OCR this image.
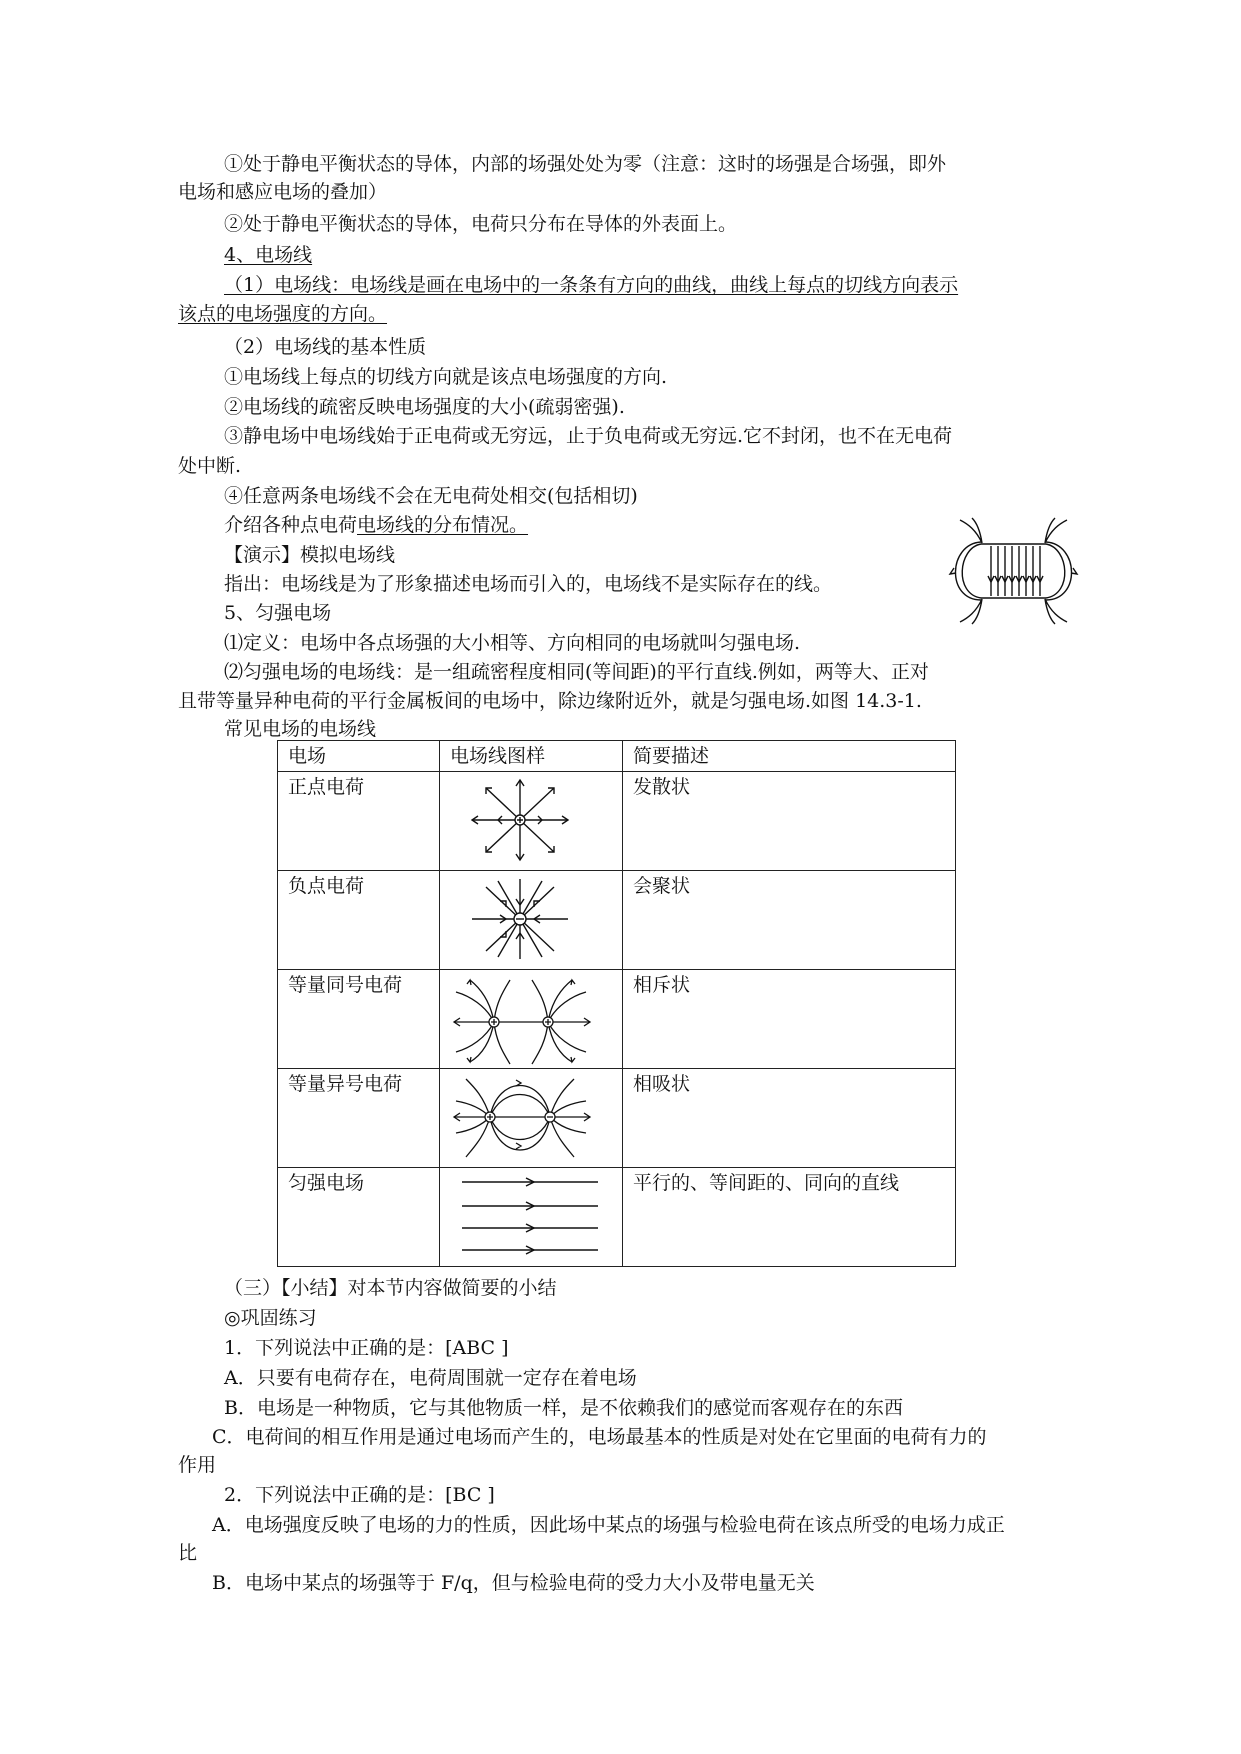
①处于静电平衡状态的导体，内部的场强处处为零（注意：这时的场强是合场强，即外
电场和感应电场的叠加）
②处于静电平衡状态的导体，电荷只分布在导体的外表面上。
4、电场线
（1）电场线：电场线是画在电场中的一条条有方向的曲线，曲线上每点的切线方向表示
该点的电场强度的方向。
（2）电场线的基本性质
①电场线上每点的切线方向就是该点电场强度的方向.
②电场线的疏密反映电场强度的大小(疏弱密强).
③静电场中电场线始于正电荷或无穷远，止于负电荷或无穷远.它不封闭，也不在无电荷
处中断.
④任意两条电场线不会在无电荷处相交(包括相切)
介绍各种点电荷电场线的分布情况。
【演示】模拟电场线
指出：电场线是为了形象描述电场而引入的，电场线不是实际存在的线。
5、匀强电场
⑴定义：电场中各点场强的大小相等、方向相同的电场就叫匀强电场.
⑵匀强电场的电场线：是一组疏密程度相同(等间距)的平行直线.例如，两等大、正对
且带等量异种电荷的平行金属板间的电场中，除边缘附近外，就是匀强电场.如图 14.3-1.
常见电场的电场线
电场	电场线图样	简要描述
正点电荷		发散状
负点电荷		会聚状
等量同号电荷		相斥状
等量异号电荷		相吸状
匀强电场		平行的、等间距的、同向的直线
（三）【小结】对本节内容做简要的小结
◎巩固练习
1．下列说法中正确的是：[ABC ]
A．只要有电荷存在，电荷周围就一定存在着电场
B．电场是一种物质，它与其他物质一样，是不依赖我们的感觉而客观存在的东西
C．电荷间的相互作用是通过电场而产生的，电场最基本的性质是对处在它里面的电荷有力的
作用
2．下列说法中正确的是：[BC ]
A．电场强度反映了电场的力的性质，因此场中某点的场强与检验电荷在该点所受的电场力成正
比
B．电场中某点的场强等于 F/q，但与检验电荷的受力大小及带电量无关
